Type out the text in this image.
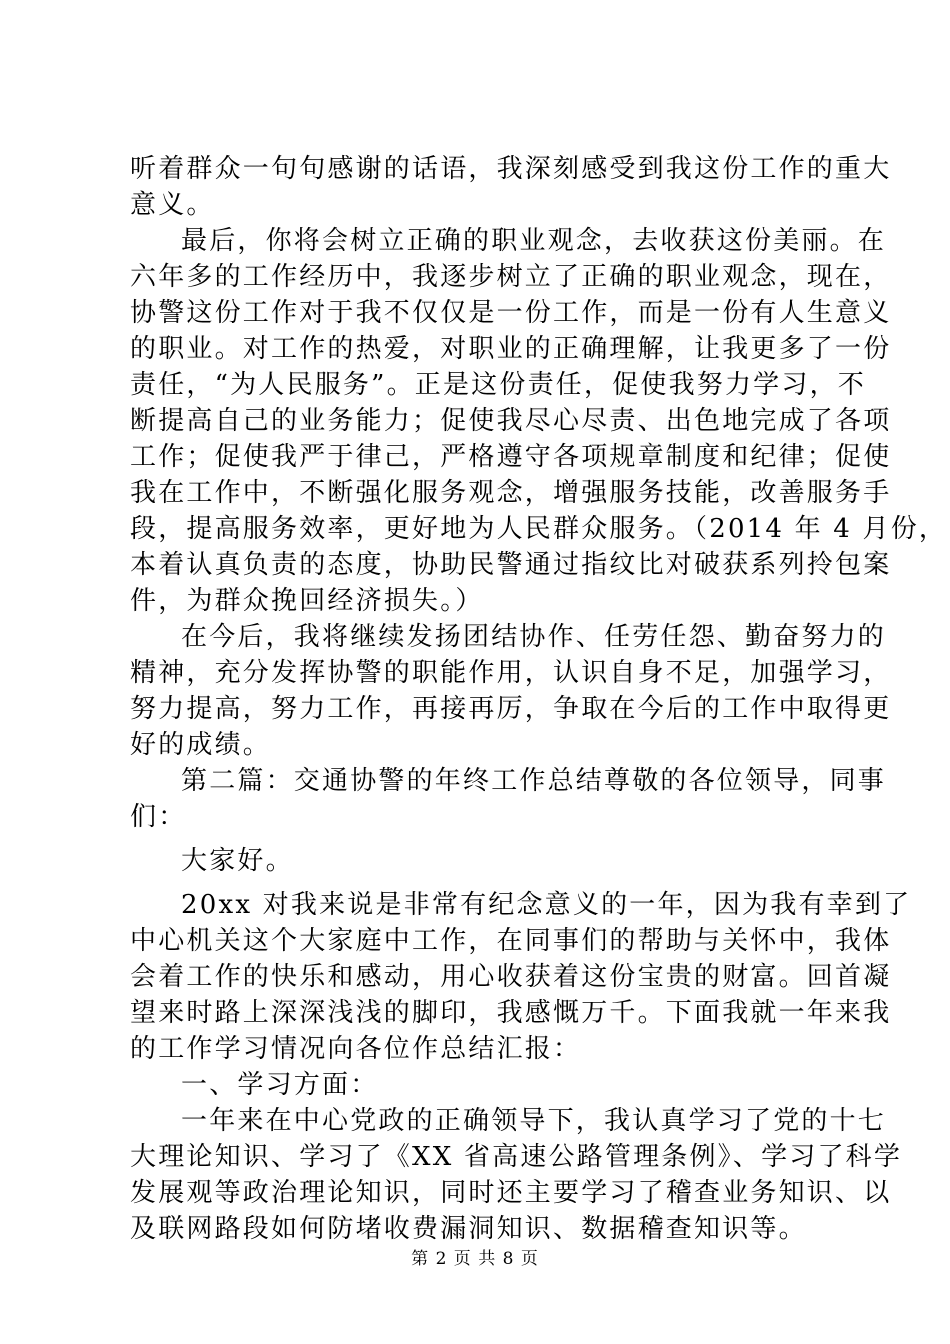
听着群众一句句感谢的话语，我深刻感受到我这份工作的重大
意义。
最后，你将会树立正确的职业观念，去收获这份美丽。在
六年多的工作经历中，我逐步树立了正确的职业观念，现在，
协警这份工作对于我不仅仅是一份工作，而是一份有人生意义
的职业。对工作的热爱，对职业的正确理解，让我更多了一份
责任，“为人民服务”。正是这份责任，促使我努力学习，不
断提高自己的业务能力；促使我尽心尽责、出色地完成了各项
工作；促使我严于律己，严格遵守各项规章制度和纪律；促使
我在工作中，不断强化服务观念，增强服务技能，改善服务手
段，提高服务效率，更好地为人民群众服务。（2014 年 4 月份，
本着认真负责的态度，协助民警通过指纹比对破获系列拎包案
件，为群众挽回经济损失。）
在今后，我将继续发扬团结协作、任劳任怨、勤奋努力的
精神，充分发挥协警的职能作用，认识自身不足，加强学习，
努力提高，努力工作，再接再厉，争取在今后的工作中取得更
好的成绩。
第二篇：交通协警的年终工作总结尊敬的各位领导，同事
们：
大家好。
20xx 对我来说是非常有纪念意义的一年，因为我有幸到了
中心机关这个大家庭中工作，在同事们的帮助与关怀中，我体
会着工作的快乐和感动，用心收获着这份宝贵的财富。回首凝
望来时路上深深浅浅的脚印，我感慨万千。下面我就一年来我
的工作学习情况向各位作总结汇报：
一、学习方面：
一年来在中心党政的正确领导下，我认真学习了党的十七
大理论知识、学习了《XX 省高速公路管理条例》、学习了科学
发展观等政治理论知识，同时还主要学习了稽查业务知识、以
及联网路段如何防堵收费漏洞知识、数据稽查知识等。
第 2 页 共 8 页
